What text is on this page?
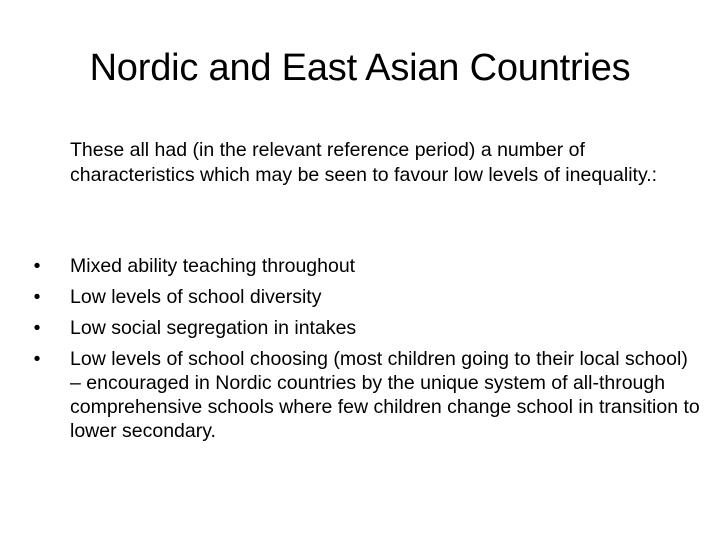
Nordic and East Asian Countries
These all had (in the relevant reference period) a number of characteristics which may be seen to favour low levels of inequality.:
• Mixed ability teaching throughout
• Low levels of school diversity
• Low social segregation in intakes
• Low levels of school choosing (most children going to their local school) – encouraged in Nordic countries by the unique system of all-through comprehensive schools where few children change school in transition to lower secondary.
